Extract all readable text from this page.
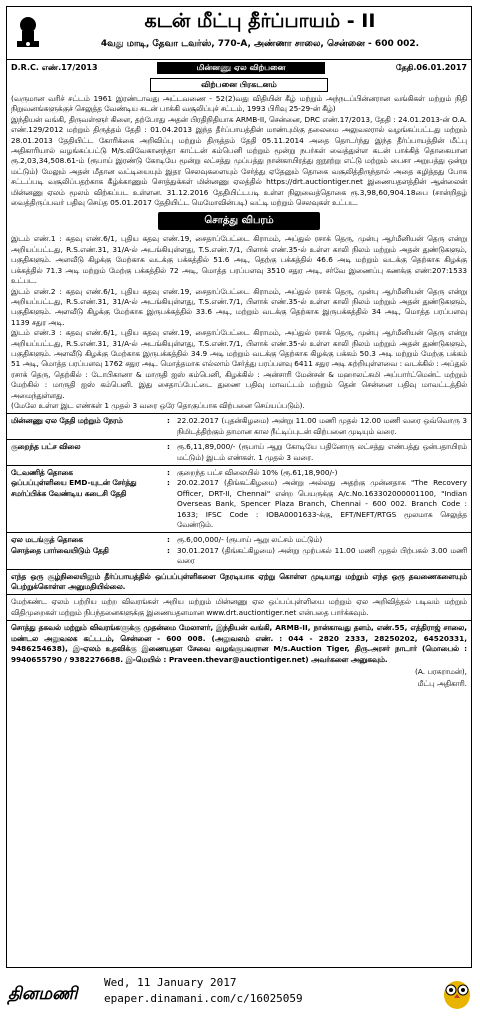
கடன் மீட்பு தீர்ப்பாயம் - II
4வது மாடி, தேவா டவர்ஸ், 770-A, அண்ணா சாலை, சென்னை - 600 002.
D.R.C. எண்.17/2013	மின்னணு ஏல விற்பனை	தேதி.06.01.2017
விற்பனை பிரகடனம்
(வருமான வரிச் சட்டம் 1961 இரண்டாவது அட்டவணை - 52(2)வது விதியின் கீழ் மற்றும் அந்நடப்பின்னரான வங்கிகள் மற்றும் நிதி நிறுவனங்களுக்குச் செலுத்த வேண்டிய கடன் பாக்கி வசூலிப்புச் சட்டம், 1993 பிரிவு 25-29-ன் கீழ்)
இந்தியன் வங்கி, திருவள்ளூர் கிளை, தற்போது அதன் பிரதிநிதியாக ARMB-II, சென்னை, DRC எண்.17/2013, தேதி : 24.01.2013-ன் O.A. எண்.129/2012 மற்றும் திருத்தம் தேதி : 01.04.2013 இந்த தீர்ப்பாயத்தின் மாண்புமிகு தலைமை அலுவலரால் வழங்கப்பட்டது மற்றும் 28.01.2013 தேதியிட்ட கோரிக்கை அறிவிப்பு மற்றும் திருத்தம் தேதி 05.11.2014 அதை தொடர்ந்து இந்த தீர்ப்பாயத்தின் மீட்பு அதிகாரியால் வழங்கப்பட்டு M/s.விவேகானந்தா காட்டன் கம்பெனி மற்றும் மூன்று நபர்கள் வைத்துள்ள கடன் பாக்கித் தொகையான ரூ.2,03,34,508.61-ம் (ரூபாய் இரண்டு கோடியே மூன்று லட்சத்து முப்பத்து நான்காயிரத்து ஐநூற்று எட்டு மற்றும் பைசா அறுபத்து ஒன்று மட்டும்) மேலும் அதன் மீதான வட்டியையும் இதர செலவுகளையும் சேர்த்து ஏதேனும் தொகை வசூலித்திருந்தால் அதை கழித்தது போக சட்டப்படி வசூலிப்பதற்காக கீழ்க்காணும் சொத்துக்கள் மின்னணு ஏலத்தில் https://drt.auctiontiger.net இணையதளத்தின் ஆன்லைன் மின்னணு ஏலம் மூலம் விற்கப்பட உள்ளன. 31.12.2016 தேதியிட்டபடி உள்ள நிலுவைத்தொகை ரூ.3,98,60,904.18பை (சான்றிதழ் வைத்திருப்பவர் பதிவு செய்த 05.01.2017 தேதியிட்ட மெமோவின்படி) வட்டி மற்றும் செலவுகள் உட்பட.
சொத்து விபரம்
இடம் எண்.1 : கதவு எண்.6/1, புதிய கதவு எண்.19, சைதாப்பேட்டை கிராமம், அப்துல் ரசாக் தெரு, முன்பு ஆர்மீனியன் தெரு என்று அறியப்பட்டது, R.S.எண்.31, 31/A-ல் அடங்கியுள்ளது, T.S.எண்.7/1, பிளாக் எண்.35-ல் உள்ள காலி நிலம் மற்றும் அதன் துண்டுகளும், பகுதிகளும். அளவீடு கிழக்கு மேற்காக வடக்கு பக்கத்தில் 51.6 அடி, தெற்கு பக்கத்தில் 46.6 அடி மற்றும் வடக்கு தெற்காக கிழக்கு பக்கத்தில் 71.3 அடி மற்றும் மேற்கு பக்கத்தில் 72 அடி, மொத்த பரப்பளவு 3510 சதுர அடி, சர்வே இணைப்பு கணக்கு எண்:207:1533 உட்பட.
இடம் எண்.2 : கதவு எண்.6/1, புதிய கதவு எண்.19, சைதாப்பேட்டை கிராமம், அப்துல் ரசாக் தெரு, முன்பு ஆர்மீனியன் தெரு என்று அறியப்பட்டது, R.S.எண்.31, 31/A-ல் அடங்கியுள்ளது, T.S.எண்.7/1, பிளாக் எண்.35-ல் உள்ள காலி நிலம் மற்றும் அதன் துண்டுகளும், பகுதிகளும். அளவீடு கிழக்கு மேற்காக இருபக்கத்தில் 33.6 அடி, மற்றும் வடக்கு தெற்காக இருபக்கத்தில் 34 அடி, மொத்த பரப்பளவு 1139 சதுர அடி.
இடம் எண்.3 : கதவு எண்.6/1, புதிய கதவு எண்.19, சைதாப்பேட்டை கிராமம், அப்துல் ரசாக் தெரு, முன்பு ஆர்மீனியன் தெரு என்று அறியப்பட்டது, R.S.எண்.31, 31/A-ல் அடங்கியுள்ளது, T.S.எண்.7/1, பிளாக் எண்.35-ல் உள்ள காலி நிலம் மற்றும் அதன் துண்டுகளும், பகுதிகளும். அளவீடு கிழக்கு மேற்காக இருபக்கத்தில் 34.9 அடி மற்றும் வடக்கு தெற்காக கிழக்கு பக்கம் 50.3 அடி மற்றும் மேற்கு பக்கம் 51 அடி, மொத்த பரப்பளவு 1762 சதுர அடி. மொத்தமாக எல்லாம் சேர்த்து பரப்பளவு 6411 சதுர அடி சுற்றியுள்ளவை : வடக்கில் : அப்துல் ரசாக் தெரு, தெற்கில் : டோபிகானா & மாருதி ஐஸ் கம்பெனி, கிழக்கில் : அன்சாரி மேன்சன் & மஹாலட்சுமி அப்பார்ட்மென்ட் மற்றும் மேற்கில் : மாருதி ஐஸ் கம்பெனி. இது சைதாப்பேட்டை துணை பதிவு மாவட்டம் மற்றும் தென் சென்னை பதிவு மாவட்டத்தில் அமைந்துள்ளது.
(மேலே உள்ள இட எண்கள் 1 முதல் 3 வரை ஒரே தொகுப்பாக விற்பனை செய்யப்படும்).
மின்னணு ஏல தேதி மற்றும் நேரம்	: 22.02.2017 (புதன்கிழமை) அன்று 11.00 மணி முதல் 12.00 மணி வரை ஒவ்வொரு 3 நிமிடத்திற்கும் தாமான கால நீட்டிப்புடன் விற்பனை முடியும் வரை.
குறைந்த பட்ச விலை	: ரூ.6,11,89,000/- (ரூபாய் ஆறு கோடியே பதினோரு லட்சத்து எண்பத்து ஒன்பதாயிரம் மட்டும்) இடம் எண்கள். 1 முதல் 3 வரை.
டேவணித் தொகை	: குறைந்த பட்ச விலையில் 10% (ரூ.61,18,900/-)
ஒப்பப்புள்ளியை EMD-யுடன் சேர்த்து சமர்ப்பிக்க வேண்டிய கடைசி தேதி
: 20.02.2017 (திங்கட்கிழமை) அன்று அல்லது அதற்கு முன்னதாக "The Recovery Officer, DRT-II, Chennai" என்ற பெயருக்கு A/c.No.163302000001100, "Indian Overseas Bank, Spencer Plaza Branch, Chennai - 600 002. Branch Code : 1633; IFSC Code : IOBA0001633-க்கு, EFT/NEFT/RTGS மூலமாக செலுத்த வேண்டும்.
ஏல மடங்குத் தொகை	: ரூ.6,00,000/- (ரூபாய் ஆறு லட்சம் மட்டும்)
சொத்தை பார்வையிடும் தேதி	: 30.01.2017 (திங்கட்கிழமை) அன்று முற்பகல் 11.00 மணி முதல் பிற்பகல் 3.00 மணி வரை
எந்த ஒரு சூழ்நிலையிலும் தீர்ப்பாயத்தில் ஒப்பப்புள்ளிகளை நேரடியாக ஏற்று கொள்ள முடியாது மற்றும் எந்த ஒரு தவணைகளையும் பெற்றுக்கொள்ள அனுமதியில்லை.
மேற்கண்ட ஏலம் பற்றிய மற்ற விவரங்கள் அறிய மற்றும் மின்னணு ஏல ஒப்பப்புள்ளியை மற்றும் ஏல அறிவித்தல் படிவம் மற்றும் விதிமுறைகள் மற்றும் நிபந்தனைகளுக்கு இணையதளமான www.drt.auctiontiger.net என்பதை பார்க்கவும்.
சொத்து தகவல் மற்றும் விவரங்களுக்கு முதன்மை மேலாளர், இந்தியன் வங்கி, ARMB-II, நான்காவது தளம், எண்.55, எத்திராஜ் சாலை, மண்டல அலுவலக கட்டடம், சென்னை - 600 008. (அலுவலம் எண். : 044 - 2820 2333, 28250202, 64520331, 9486254638), இ-ஏலம் உதவிக்கு இணையதள சேவை வழங்குபவரான M/s.Auction Tiger, திரு.அரசர் நாடார் (மொபைல் : 9940655790 / 9382276688. இ-மெயில் : Praveen.thevar@auctiontiger.net) அவர்களை அனுகவும்.
(A. பரசுராமன்),
மீட்பு அதிகாரி.
தினமணி
Wed, 11 January 2017
epaper.dinamani.com/c/16025059
